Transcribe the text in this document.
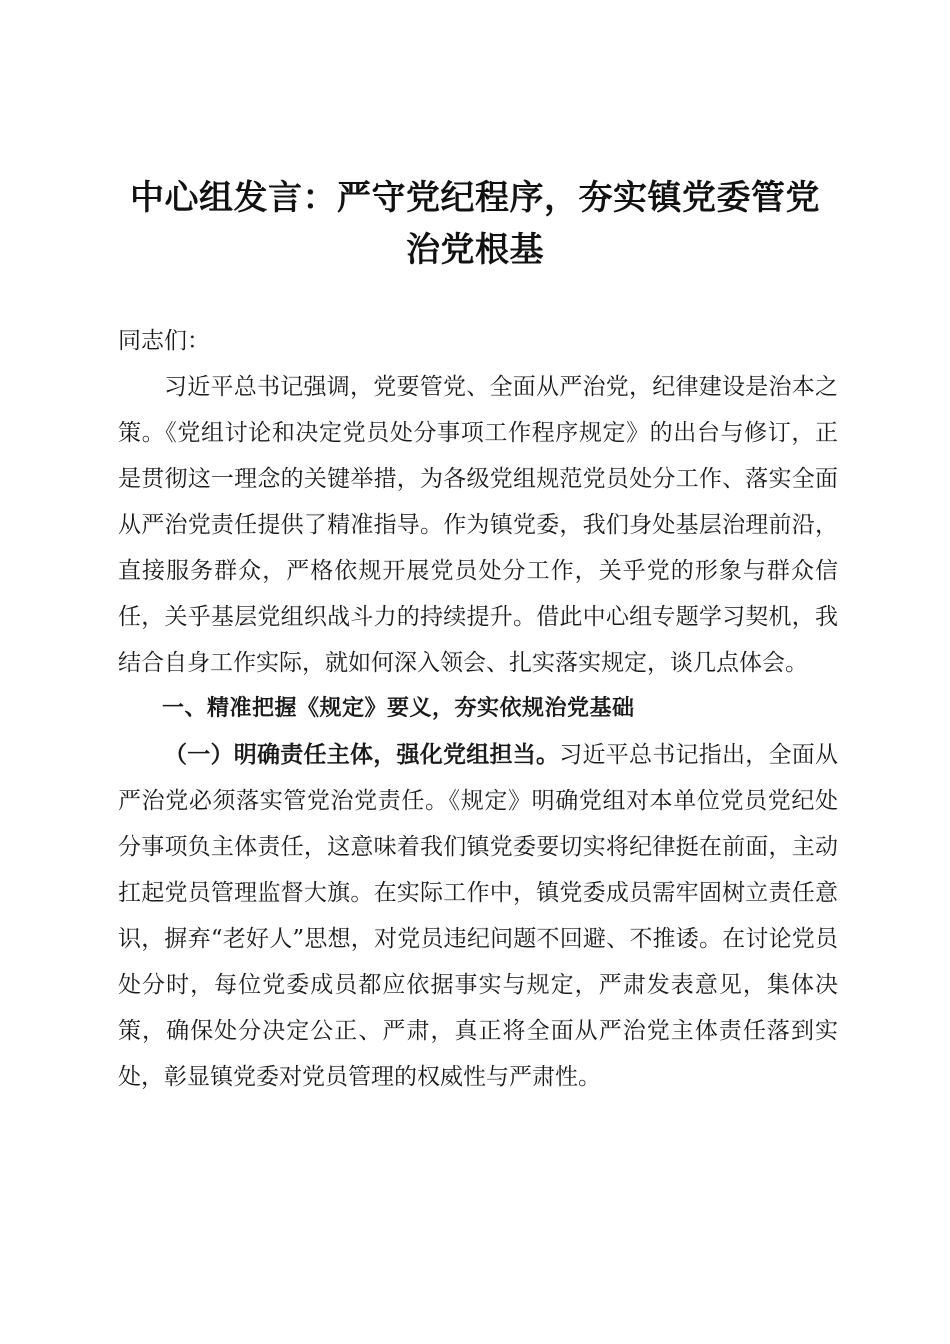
中心组发言：严守党纪程序，夯实镇党委管党
治党根基

同志们：

习近平总书记强调，党要管党、全面从严治党，纪律建设是治本之策。《党组讨论和决定党员处分事项工作程序规定》的出台与修订，正是贯彻这一理念的关键举措，为各级党组规范党员处分工作、落实全面从严治党责任提供了精准指导。作为镇党委，我们身处基层治理前沿，直接服务群众，严格依规开展党员处分工作，关乎党的形象与群众信任，关乎基层党组织战斗力的持续提升。借此中心组专题学习契机，我结合自身工作实际，就如何深入领会、扎实落实规定，谈几点体会。

一、精准把握《规定》要义，夯实依规治党基础

（一）明确责任主体，强化党组担当。习近平总书记指出，全面从严治党必须落实管党治党责任。《规定》明确党组对本单位党员党纪处分事项负主体责任，这意味着我们镇党委要切实将纪律挺在前面，主动扛起党员管理监督大旗。在实际工作中，镇党委成员需牢固树立责任意识，摒弃“老好人”思想，对党员违纪问题不回避、不推诿。在讨论党员处分时，每位党委成员都应依据事实与规定，严肃发表意见，集体决策，确保处分决定公正、严肃，真正将全面从严治党主体责任落到实处，彰显镇党委对党员管理的权威性与严肃性。
